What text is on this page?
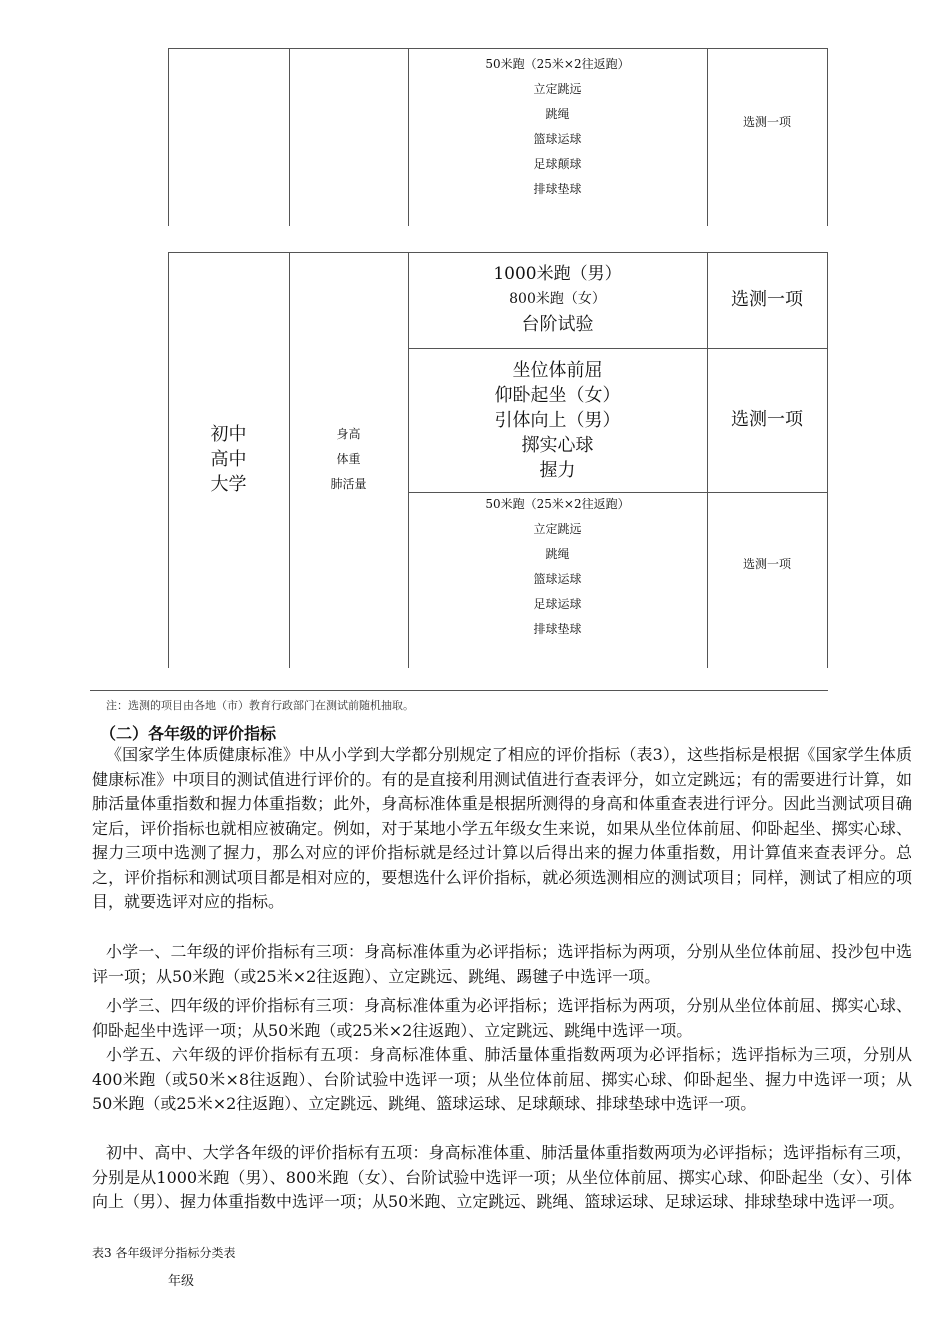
50米跑（25米×2往返跑）
立定跳远
跳绳
篮球运球
足球颠球
排球垫球
选测一项
初中
高中
大学
身高
体重
肺活量
1000米跑（男）
800米跑（女）
台阶试验
选测一项
坐位体前屈
仰卧起坐（女）
引体向上（男）
掷实心球
握力
选测一项
50米跑（25米×2往返跑）
立定跳远
跳绳
篮球运球
足球运球
排球垫球
选测一项
注：选测的项目由各地（市）教育行政部门在测试前随机抽取。
（二）各年级的评价指标
《国家学生体质健康标准》中从小学到大学都分别规定了相应的评价指标（表3），这些指标是根据《国家学生体质健康标准》中项目的测试值进行评价的。有的是直接利用测试值进行查表评分，如立定跳远；有的需要进行计算，如肺活量体重指数和握力体重指数；此外，身高标准体重是根据所测得的身高和体重查表进行评分。因此当测试项目确定后，评价指标也就相应被确定。例如，对于某地小学五年级女生来说，如果从坐位体前屈、仰卧起坐、掷实心球、握力三项中选测了握力，那么对应的评价指标就是经过计算以后得出来的握力体重指数，用计算值来查表评分。总之，评价指标和测试项目都是相对应的，要想选什么评价指标，就必须选测相应的测试项目；同样，测试了相应的项目，就要选评对应的指标。
小学一、二年级的评价指标有三项：身高标准体重为必评指标；选评指标为两项，分别从坐位体前屈、投沙包中选评一项；从50米跑（或25米×2往返跑）、立定跳远、跳绳、踢毽子中选评一项。
小学三、四年级的评价指标有三项：身高标准体重为必评指标；选评指标为两项，分别从坐位体前屈、掷实心球、仰卧起坐中选评一项；从50米跑（或25米×2往返跑）、立定跳远、跳绳中选评一项。
小学五、六年级的评价指标有五项：身高标准体重、肺活量体重指数两项为必评指标；选评指标为三项，分别从400米跑（或50米×8往返跑）、台阶试验中选评一项；从坐位体前屈、掷实心球、仰卧起坐、握力中选评一项；从50米跑（或25米×2往返跑）、立定跳远、跳绳、篮球运球、足球颠球、排球垫球中选评一项。
初中、高中、大学各年级的评价指标有五项：身高标准体重、肺活量体重指数两项为必评指标；选评指标有三项，分别是从1000米跑（男）、800米跑（女）、台阶试验中选评一项；从坐位体前屈、掷实心球、仰卧起坐（女）、引体向上（男）、握力体重指数中选评一项；从50米跑、立定跳远、跳绳、篮球运球、足球运球、排球垫球中选评一项。
表3 各年级评分指标分类表
年级
